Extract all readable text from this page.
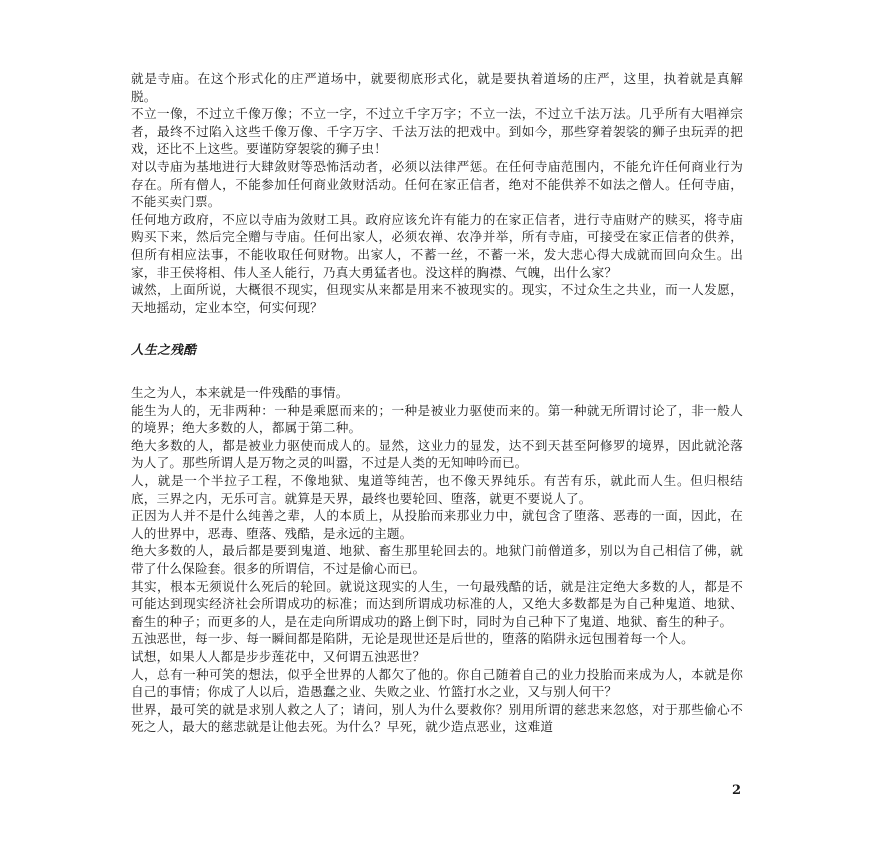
就是寺庙。在这个形式化的庄严道场中，就要彻底形式化，就是要执着道场的庄严，这里，执着就是真解脱。

不立一像，不过立千像万像；不立一字，不过立千字万字；不立一法，不过立千法万法。几乎所有大唱禅宗者，最终不过陷入这些千像万像、千字万字、千法万法的把戏中。到如今，那些穿着袈裟的狮子虫玩弄的把戏，还比不上这些。要谨防穿袈裟的狮子虫！

对以寺庙为基地进行大肆敛财等恐怖活动者，必须以法律严惩。在任何寺庙范围内，不能允许任何商业行为存在。所有僧人，不能参加任何商业敛财活动。任何在家正信者，绝对不能供养不如法之僧人。任何寺庙，不能买卖门票。

任何地方政府，不应以寺庙为敛财工具。政府应该允许有能力的在家正信者，进行寺庙财产的赎买，将寺庙购买下来，然后完全赠与寺庙。任何出家人，必须农禅、农净并举，所有寺庙，可接受在家正信者的供养，但所有相应法事，不能收取任何财物。出家人，不蓄一丝，不蓄一米，发大悲心得大成就而回向众生。出家，非王侯将相、伟人圣人能行，乃真大勇猛者也。没这样的胸襟、气魄，出什么家？

诚然，上面所说，大概很不现实，但现实从来都是用来不被现实的。现实，不过众生之共业，而一人发愿，天地摇动，定业本空，何实何现？

人生之残酷

生之为人，本来就是一件残酷的事情。

能生为人的，无非两种：一种是乘愿而来的；一种是被业力驱使而来的。第一种就无所谓讨论了，非一般人的境界；绝大多数的人，都属于第二种。

绝大多数的人，都是被业力驱使而成人的。显然，这业力的显发，达不到天甚至阿修罗的境界，因此就沦落为人了。那些所谓人是万物之灵的叫嚣，不过是人类的无知呻吟而已。

人，就是一个半拉子工程，不像地狱、鬼道等纯苦，也不像天界纯乐。有苦有乐，就此而人生。但归根结底，三界之内，无乐可言。就算是天界，最终也要轮回、堕落，就更不要说人了。

正因为人并不是什么纯善之辈，人的本质上，从投胎而来那业力中，就包含了堕落、恶毒的一面，因此，在人的世界中，恶毒、堕落、残酷，是永远的主题。

绝大多数的人，最后都是要到鬼道、地狱、畜生那里轮回去的。地狱门前僧道多，别以为自己相信了佛，就带了什么保险套。很多的所谓信，不过是偷心而已。

其实，根本无须说什么死后的轮回。就说这现实的人生，一句最残酷的话，就是注定绝大多数的人，都是不可能达到现实经济社会所谓成功的标准；而达到所谓成功标准的人，又绝大多数都是为自己种鬼道、地狱、畜生的种子；而更多的人，是在走向所谓成功的路上倒下时，同时为自己种下了鬼道、地狱、畜生的种子。

五浊恶世，每一步、每一瞬间都是陷阱，无论是现世还是后世的，堕落的陷阱永远包围着每一个人。

试想，如果人人都是步步莲花中，又何谓五浊恶世？

人，总有一种可笑的想法，似乎全世界的人都欠了他的。你自己随着自己的业力投胎而来成为人，本就是你自己的事情；你成了人以后，造愚蠢之业、失败之业、竹篮打水之业，又与别人何干？

世界，最可笑的就是求别人救之人了；请问，别人为什么要救你？别用所谓的慈悲来忽悠，对于那些偷心不死之人，最大的慈悲就是让他去死。为什么？早死，就少造点恶业，这难道

2
